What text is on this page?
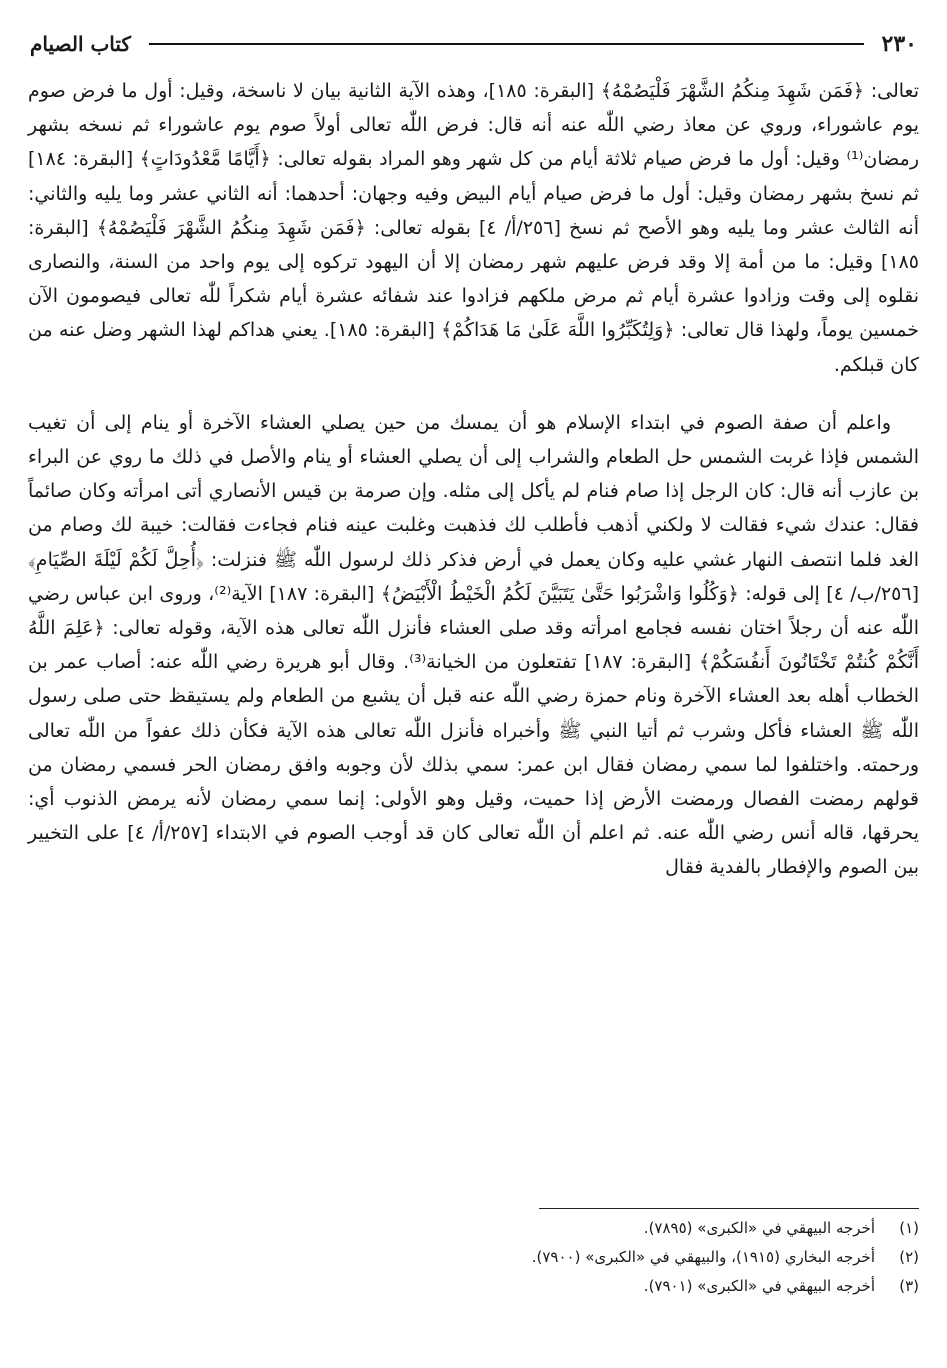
٢٣٠
كتاب الصيام

تعالى: ﴿فَمَن شَهِدَ مِنكُمُ الشَّهْرَ فَلْيَصُمْهُ﴾ [البقرة: ١٨٥]، وهذه الآية الثانية بيان لا ناسخة، وقيل: أول ما فرض صوم يوم عاشوراء، وروي عن معاذ رضي اللّٰه عنه أنه قال: فرض اللّٰه تعالى أولاً صوم يوم عاشوراء ثم نسخه بشهر رمضان⁽¹⁾ وقيل: أول ما فرض صيام ثلاثة أيام من كل شهر وهو المراد بقوله تعالى: ﴿أَيَّامًا مَّعْدُودَاتٍ﴾ [البقرة: ١٨٤] ثم نسخ بشهر رمضان وقيل: أول ما فرض صيام أيام البيض وفيه وجهان: أحدهما: أنه الثاني عشر وما يليه والثاني: أنه الثالث عشر وما يليه وهو الأصح ثم نسخ [٢٥٦/أ/ ٤] بقوله تعالى: ﴿فَمَن شَهِدَ مِنكُمُ الشَّهْرَ فَلْيَصُمْهُ﴾ [البقرة: ١٨٥] وقيل: ما من أمة إلا وقد فرض عليهم شهر رمضان إلا أن اليهود تركوه إلى يوم واحد من السنة، والنصارى نقلوه إلى وقت وزادوا عشرة أيام ثم مرض ملكهم فزادوا عند شفائه عشرة أيام شكراً للّٰه تعالى فيصومون الآن خمسين يوماً، ولهذا قال تعالى: ﴿وَلِتُكَبِّرُوا اللَّهَ عَلَىٰ مَا هَدَاكُمْ﴾ [البقرة: ١٨٥]. يعني هداكم لهذا الشهر وضل عنه من كان قبلكم.

واعلم أن صفة الصوم في ابتداء الإسلام هو أن يمسك من حين يصلي العشاء الآخرة أو ينام إلى أن تغيب الشمس فإذا غربت الشمس حل الطعام والشراب إلى أن يصلي العشاء أو ينام والأصل في ذلك ما روي عن البراء بن عازب أنه قال: كان الرجل إذا صام فنام لم يأكل إلى مثله. وإن صرمة بن قيس الأنصاري أتى امرأته وكان صائماً فقال: عندك شيء فقالت لا ولكني أذهب فأطلب لك فذهبت وغلبت عينه فنام فجاءت فقالت: خيبة لك وصام من الغد فلما انتصف النهار غشي عليه وكان يعمل في أرض فذكر ذلك لرسول اللّٰه ﷺ فنزلت: ﴿أُحِلَّ لَكُمْ لَيْلَةَ الصِّيَامِ﴾ [٢٥٦/ب/ ٤] إلى قوله: ﴿وَكُلُوا وَاشْرَبُوا حَتَّىٰ يَتَبَيَّنَ لَكُمُ الْخَيْطُ الْأَبْيَضُ﴾ [البقرة: ١٨٧] الآية⁽²⁾، وروى ابن عباس رضي اللّٰه عنه أن رجلاً اختان نفسه فجامع امرأته وقد صلى العشاء فأنزل اللّٰه تعالى هذه الآية، وقوله تعالى: ﴿عَلِمَ اللَّهُ أَنَّكُمْ كُنتُمْ تَخْتَانُونَ أَنفُسَكُمْ﴾ [البقرة: ١٨٧] تفتعلون من الخيانة⁽³⁾. وقال أبو هريرة رضي اللّٰه عنه: أصاب عمر بن الخطاب أهله بعد العشاء الآخرة ونام حمزة رضي اللّٰه عنه قبل أن يشبع من الطعام ولم يستيقظ حتى صلى رسول اللّٰه ﷺ العشاء فأكل وشرب ثم أتيا النبي ﷺ وأخبراه فأنزل اللّٰه تعالى هذه الآية فكأن ذلك عفواً من اللّٰه تعالى ورحمته. واختلفوا لما سمي رمضان فقال ابن عمر: سمي بذلك لأن وجوبه وافق رمضان الحر فسمي رمضان من قولهم رمضت الفصال ورمضت الأرض إذا حميت، وقيل وهو الأولى: إنما سمي رمضان لأنه يرمض الذنوب أي: يحرقها، قاله أنس رضي اللّٰه عنه. ثم اعلم أن اللّٰه تعالى كان قد أوجب الصوم في الابتداء [٢٥٧/أ/ ٤] على التخيير بين الصوم والإفطار بالفدية فقال

(١)
أخرجه البيهقي في «الكبرى» (٧٨٩٥).
(٢)
أخرجه البخاري (١٩١٥)، والبيهقي في «الكبرى» (٧٩٠٠).
(٣)
أخرجه البيهقي في «الكبرى» (٧٩٠١).
